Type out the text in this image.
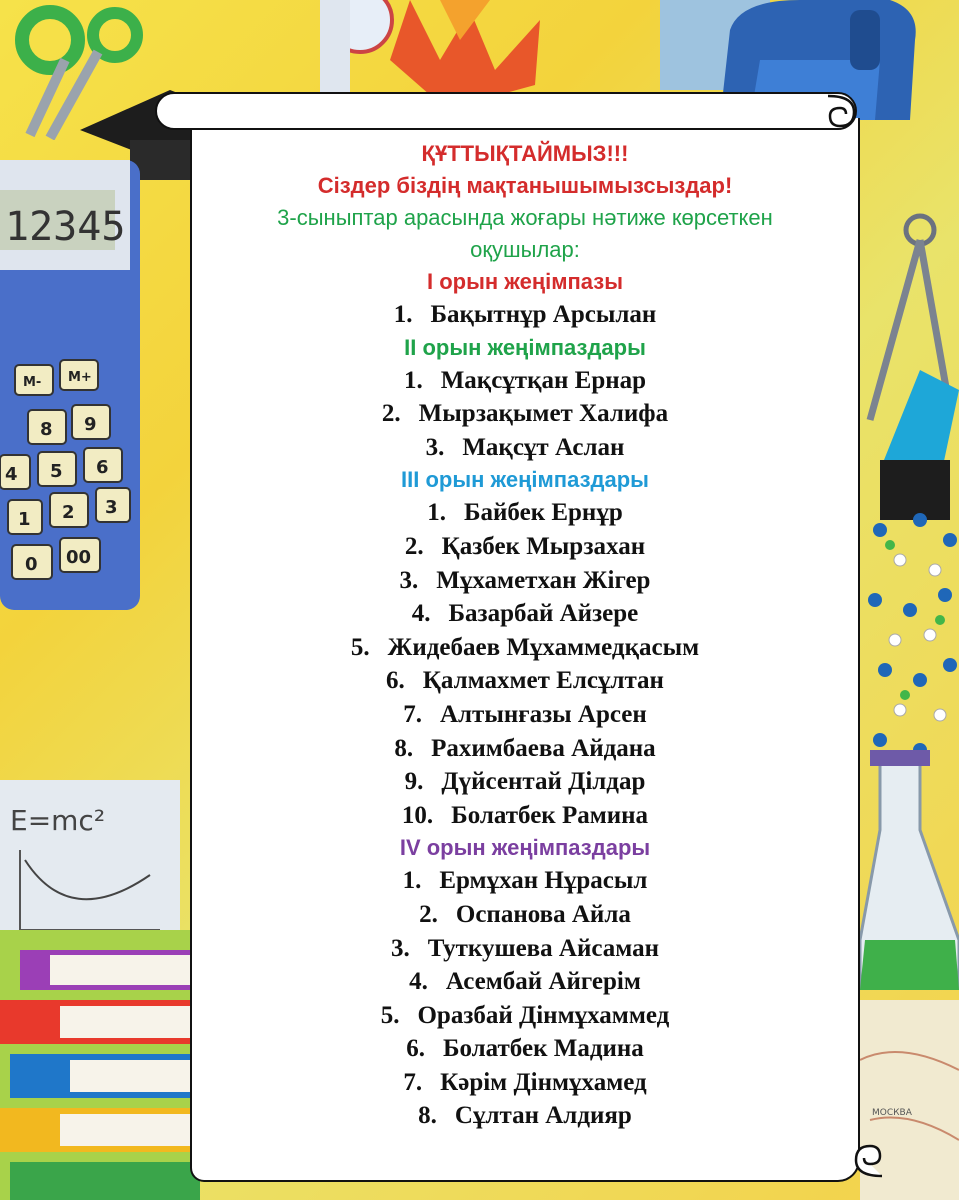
12345
M- M+
8 9
4 5 6
2
1
3
0 00
E=mc²
МОСКВА

ҚҰТТЫҚТАЙМЫЗ!!!

Сіздер біздің мақтанышымызсыздар!

3-сыныптар арасында жоғары нәтиже көрсеткен

оқушылар:

І орын жеңімпазы

1. Бақытнұр Арсылан

ІІ орын жеңімпаздары

1. Мақсұтқан Ернар

2. Мырзақымет Халифа

3. Мақсұт Аслан

ІІІ орын жеңімпаздары

1. Байбек Ернұр

2. Қазбек Мырзахан

3. Мұхаметхан Жігер

4. Базарбай Айзере

5. Жидебаев Мұхаммедқасым

6. Қалмахмет Елсұлтан

7. Алтынғазы Арсен

8. Рахимбаева Айдана

9. Дүйсентай Ділдар

10. Болатбек Рамина

IV орын жеңімпаздары

1. Ермұхан Нұрасыл

2. Оспанова Айла

3. Туткушева Айсаман

4. Асембай Айгерім

5. Оразбай Дінмұхаммед

6. Болатбек Мадина

7. Кәрім Дінмұхамед

8. Сұлтан Алдияр
